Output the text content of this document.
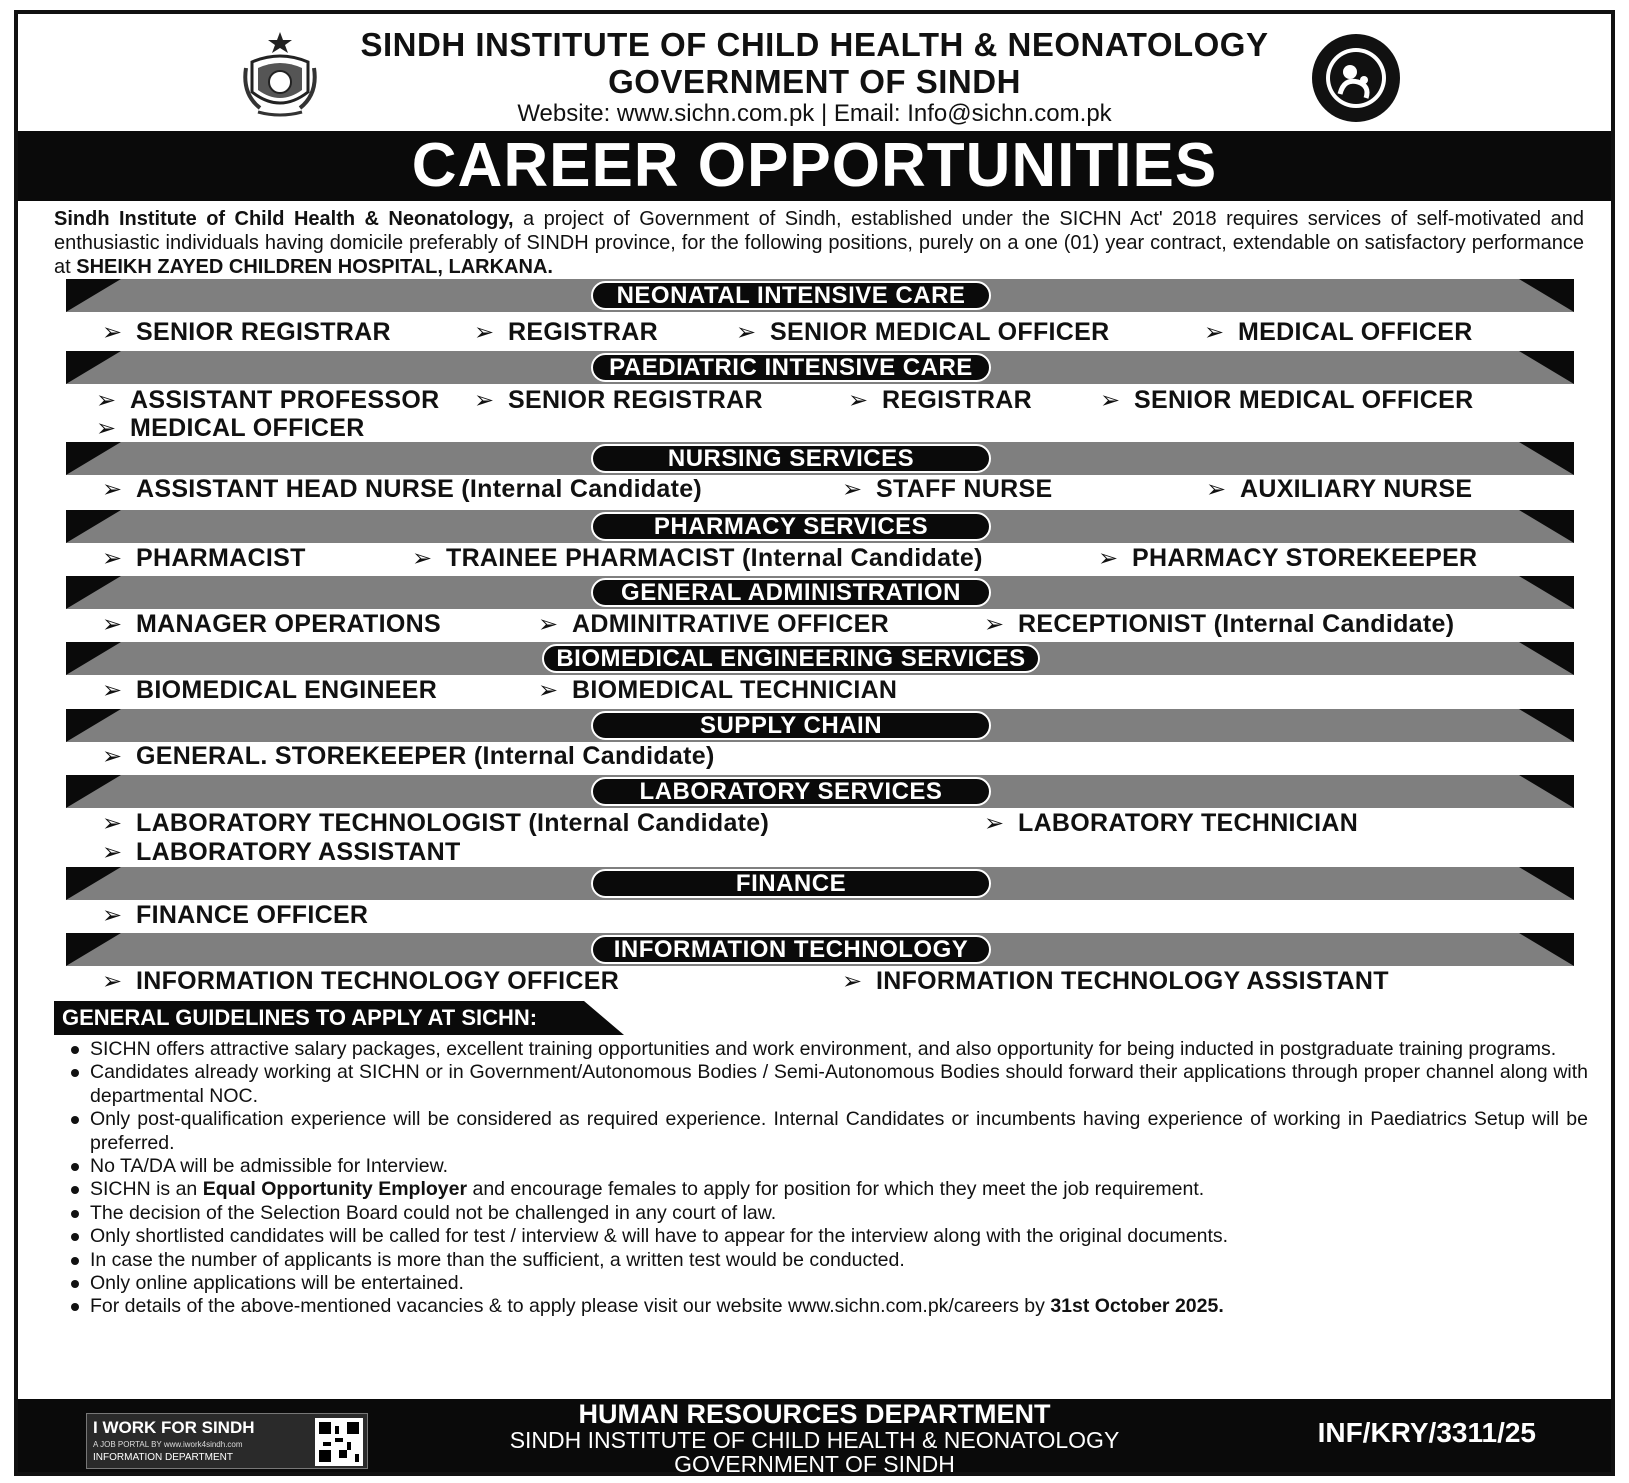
SINDH INSTITUTE OF CHILD HEALTH & NEONATOLOGY
GOVERNMENT OF SINDH
Website: www.sichn.com.pk | Email: Info@sichn.com.pk
CAREER OPPORTUNITIES

Sindh Institute of Child Health & Neonatology, a project of Government of Sindh, established under the SICHN Act' 2018 requires services of self-motivated and enthusiastic individuals having domicile preferably of SINDH province, for the following positions, purely on a one (01) year contract, extendable on satisfactory performance at SHEIKH ZAYED CHILDREN HOSPITAL, LARKANA.

NEONATAL INTENSIVE CARE
➢ SENIOR REGISTRAR	➢ REGISTRAR	➢ SENIOR MEDICAL OFFICER	➢ MEDICAL OFFICER
PAEDIATRIC INTENSIVE CARE
➢ ASSISTANT PROFESSOR ➢ SENIOR REGISTRAR	➢ REGISTRAR	➢ SENIOR MEDICAL OFFICER
➢ MEDICAL OFFICER
NURSING SERVICES
➢ ASSISTANT HEAD NURSE (Internal Candidate)	➢ STAFF NURSE	➢ AUXILIARY NURSE
PHARMACY SERVICES
➢ PHARMACIST	➢ TRAINEE PHARMACIST (Internal Candidate)	➢ PHARMACY STOREKEEPER
GENERAL ADMINISTRATION
➢ MANAGER OPERATIONS	➢ ADMINITRATIVE OFFICER	➢ RECEPTIONIST (Internal Candidate)
BIOMEDICAL ENGINEERING SERVICES
➢ BIOMEDICAL ENGINEER	➢ BIOMEDICAL TECHNICIAN
SUPPLY CHAIN
➢ GENERAL. STOREKEEPER (Internal Candidate)
LABORATORY SERVICES
➢ LABORATORY TECHNOLOGIST (Internal Candidate)	➢ LABORATORY TECHNICIAN
➢ LABORATORY ASSISTANT
FINANCE
➢ FINANCE OFFICER
INFORMATION TECHNOLOGY
➢ INFORMATION TECHNOLOGY OFFICER	➢ INFORMATION TECHNOLOGY ASSISTANT
GENERAL GUIDELINES TO APPLY AT SICHN:
SICHN offers attractive salary packages, excellent training opportunities and work environment, and also opportunity for being inducted in postgraduate training programs.
Candidates already working at SICHN or in Government/Autonomous Bodies / Semi-Autonomous Bodies should forward their applications through proper channel along with departmental NOC.
Only post-qualification experience will be considered as required experience. Internal Candidates or incumbents having experience of working in Paediatrics Setup will be preferred.
No TA/DA will be admissible for Interview.
SICHN is an Equal Opportunity Employer and encourage females to apply for position for which they meet the job requirement.
The decision of the Selection Board could not be challenged in any court of law.
Only shortlisted candidates will be called for test / interview & will have to appear for the interview along with the original documents.
In case the number of applicants is more than the sufficient, a written test would be conducted.
Only online applications will be entertained.
For details of the above-mentioned vacancies & to apply please visit our website www.sichn.com.pk/careers by 31st October 2025.
I WORK FOR SINDH
A JOB PORTAL BY www.iwork4sindh.com
INFORMATION DEPARTMENT
HUMAN RESOURCES DEPARTMENT
SINDH INSTITUTE OF CHILD HEALTH & NEONATOLOGY
GOVERNMENT OF SINDH
INF/KRY/3311/25
